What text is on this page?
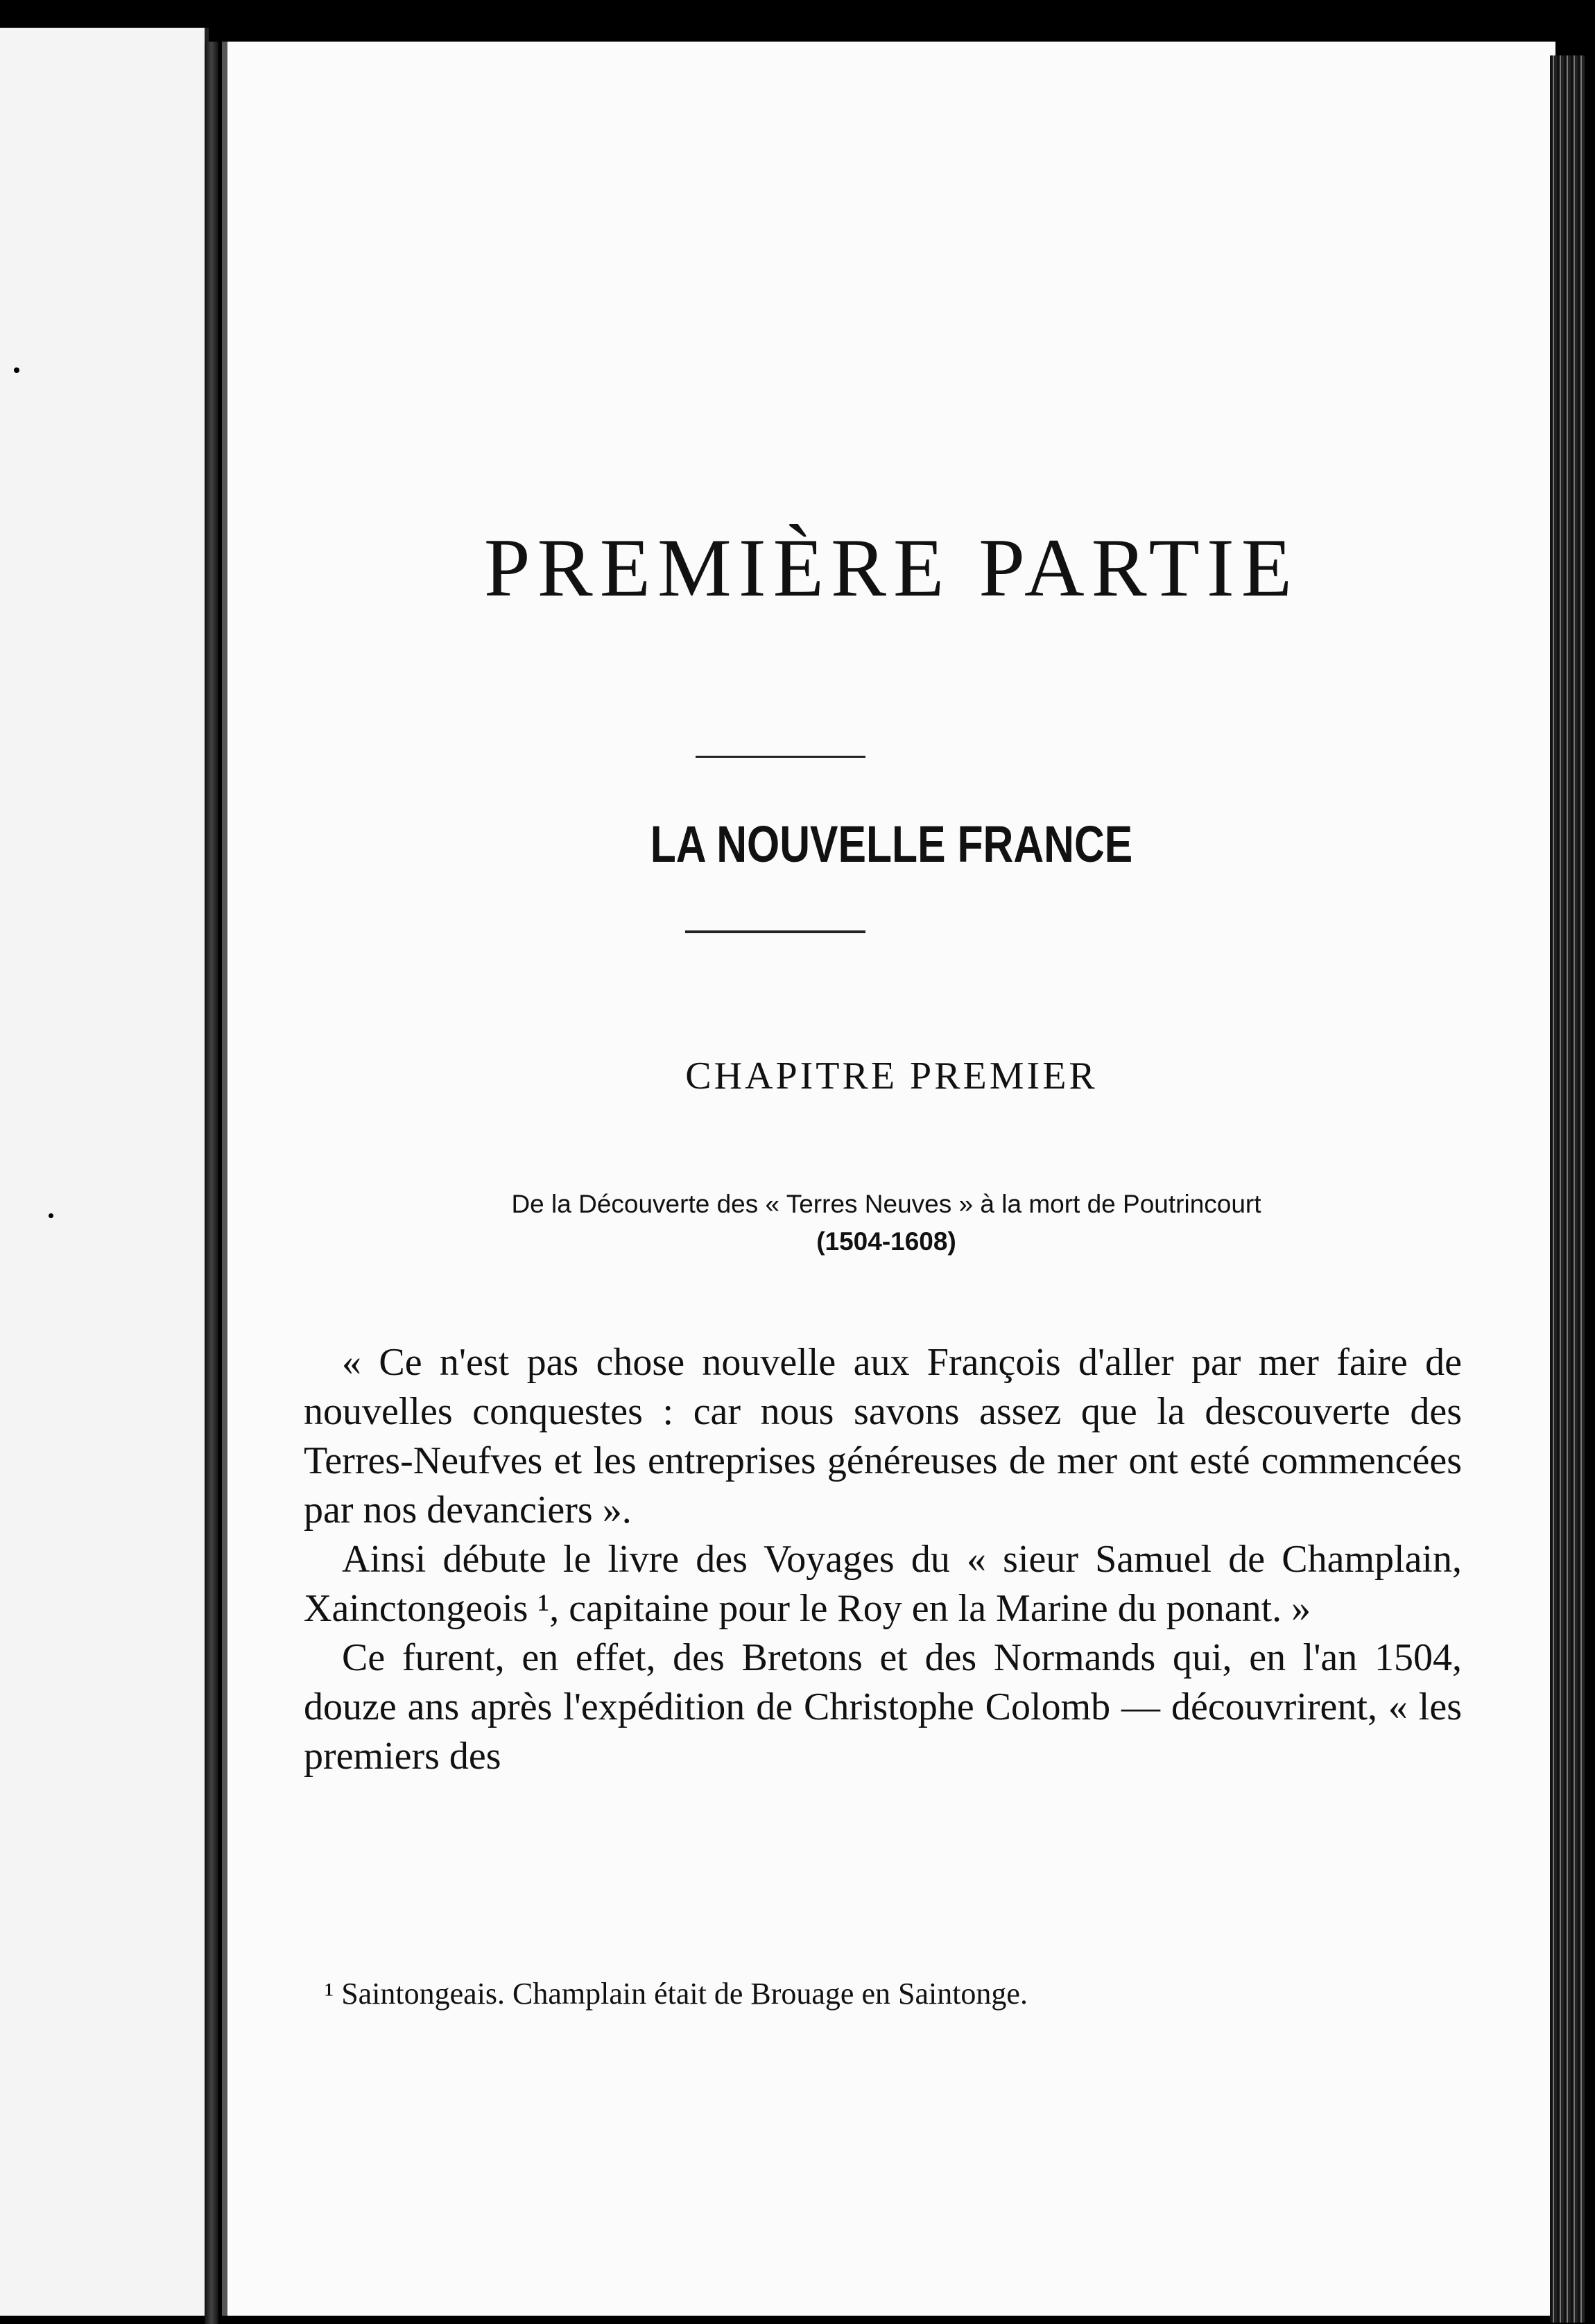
PREMIÈRE PARTIE
LA NOUVELLE FRANCE
CHAPITRE PREMIER
De la Découverte des « Terres Neuves » à la mort de Poutrincourt
(1504-1608)

« Ce n'est pas chose nouvelle aux François d'aller par mer faire de nouvelles conquestes : car nous savons assez que la descouverte des Terres-Neufves et les entreprises généreuses de mer ont esté commencées par nos devanciers ».

Ainsi débute le livre des Voyages du « sieur Samuel de Champlain, Xainctongeois ¹, capitaine pour le Roy en la Marine du ponant. »

Ce furent, en effet, des Bretons et des Normands qui, en l'an 1504, douze ans après l'expédition de Christophe Colomb — découvrirent, « les premiers des

¹ Saintongeais. Champlain était de Brouage en Saintonge.
